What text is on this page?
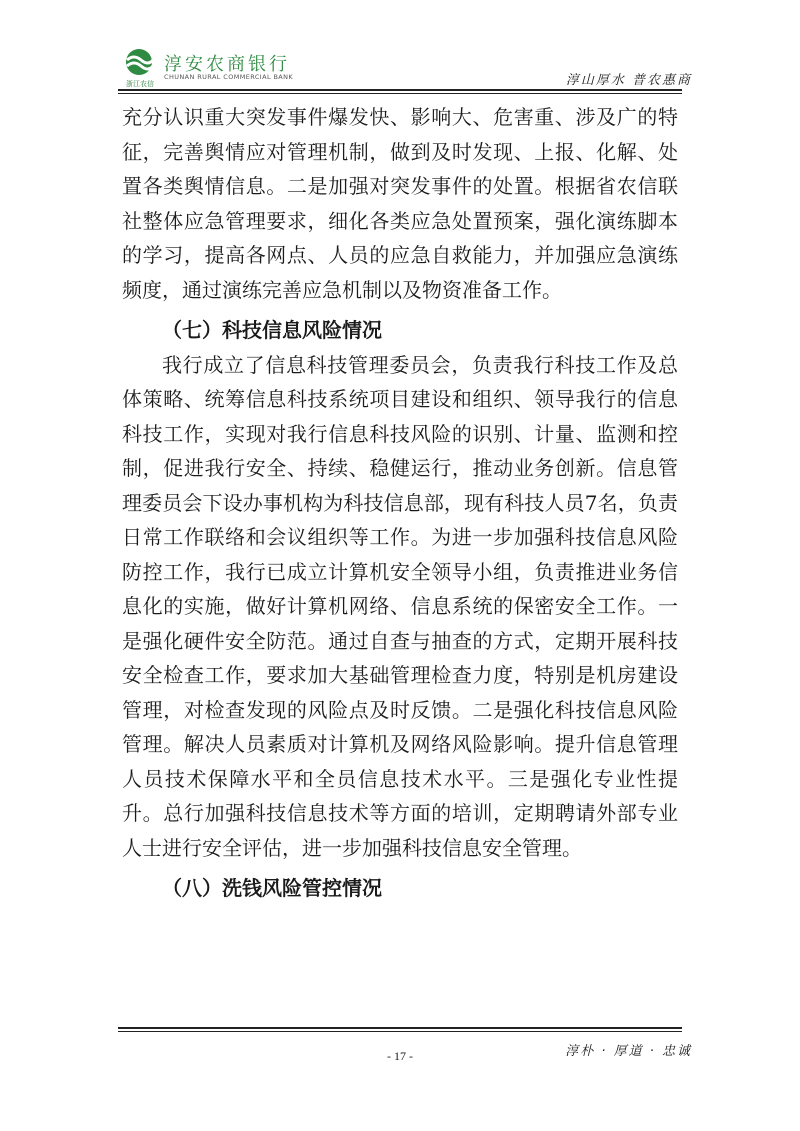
浙江农信
淳安农商银行
CHUNAN RURAL COMMERCIAL BANK	淳山厚水 普农惠商

充分认识重大突发事件爆发快、影响大、危害重、涉及广的特征，完善舆情应对管理机制，做到及时发现、上报、化解、处置各类舆情信息。二是加强对突发事件的处置。根据省农信联社整体应急管理要求，细化各类应急处置预案，强化演练脚本的学习，提高各网点、人员的应急自救能力，并加强应急演练频度，通过演练完善应急机制以及物资准备工作。

（七）科技信息风险情况

我行成立了信息科技管理委员会，负责我行科技工作及总体策略、统筹信息科技系统项目建设和组织、领导我行的信息科技工作，实现对我行信息科技风险的识别、计量、监测和控制，促进我行安全、持续、稳健运行，推动业务创新。信息管理委员会下设办事机构为科技信息部，现有科技人员7名，负责日常工作联络和会议组织等工作。为进一步加强科技信息风险防控工作，我行已成立计算机安全领导小组，负责推进业务信息化的实施，做好计算机网络、信息系统的保密安全工作。一是强化硬件安全防范。通过自查与抽查的方式，定期开展科技安全检查工作，要求加大基础管理检查力度，特别是机房建设管理，对检查发现的风险点及时反馈。二是强化科技信息风险管理。解决人员素质对计算机及网络风险影响。提升信息管理人员技术保障水平和全员信息技术水平。三是强化专业性提升。总行加强科技信息技术等方面的培训，定期聘请外部专业人士进行安全评估，进一步加强科技信息安全管理。

（八）洗钱风险管控情况
- 17 -	淳朴 · 厚道 · 忠诚
